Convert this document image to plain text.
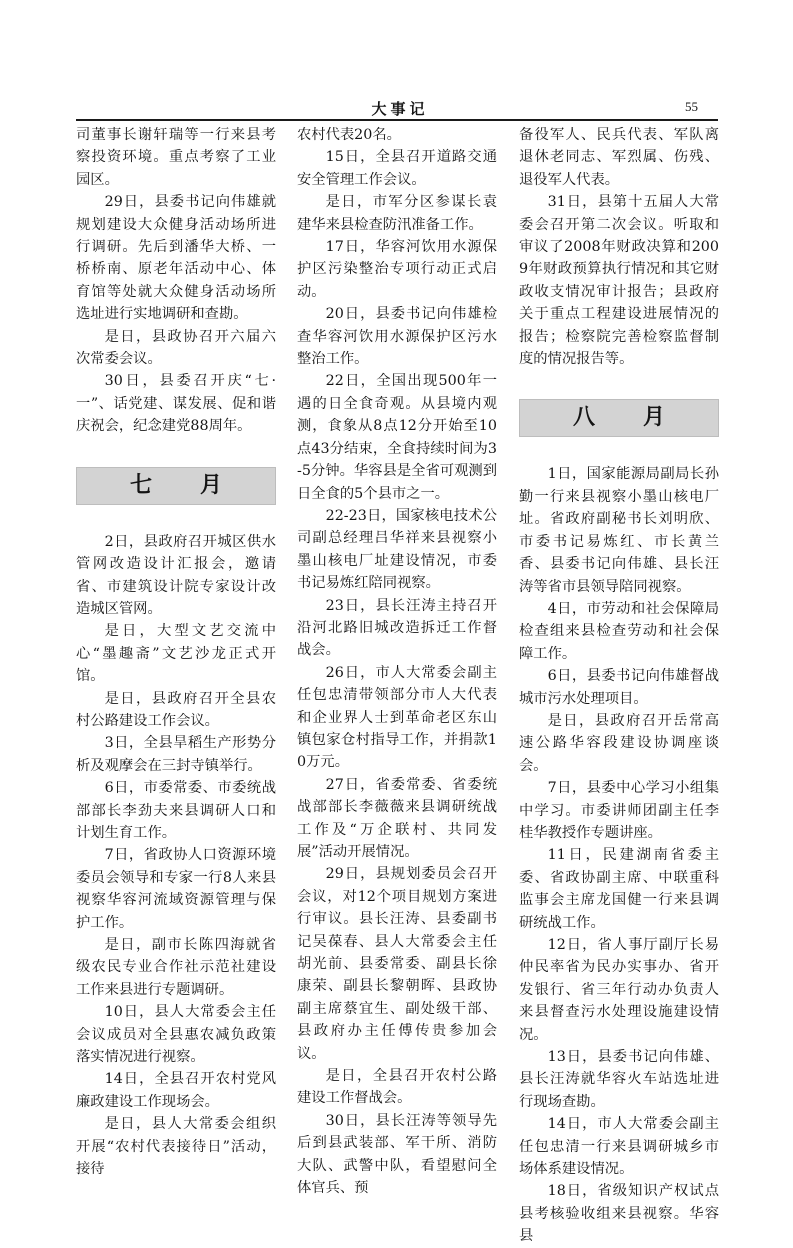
大事记	55

司董事长谢轩瑞等一行来县考察投资环境。重点考察了工业园区。

29日，县委书记向伟雄就规划建设大众健身活动场所进行调研。先后到潘华大桥、一桥桥南、原老年活动中心、体育馆等处就大众健身活动场所选址进行实地调研和查勘。

是日，县政协召开六届六次常委会议。

30日，县委召开庆“七·一”、话党建、谋发展、促和谐庆祝会，纪念建党88周年。

七月

2日，县政府召开城区供水管网改造设计汇报会，邀请省、市建筑设计院专家设计改造城区管网。

是日，大型文艺交流中心“墨趣斋”文艺沙龙正式开馆。

是日，县政府召开全县农村公路建设工作会议。

3日，全县旱稻生产形势分析及观摩会在三封寺镇举行。

6日，市委常委、市委统战部部长李劲夫来县调研人口和计划生育工作。

7日，省政协人口资源环境委员会领导和专家一行8人来县视察华容河流域资源管理与保护工作。

是日，副市长陈四海就省级农民专业合作社示范社建设工作来县进行专题调研。

10日，县人大常委会主任会议成员对全县惠农减负政策落实情况进行视察。

14日，全县召开农村党风廉政建设工作现场会。

是日，县人大常委会组织开展“农村代表接待日”活动，接待

农村代表20名。

15日，全县召开道路交通安全管理工作会议。

是日，市军分区参谋长袁建华来县检查防汛准备工作。

17日，华容河饮用水源保护区污染整治专项行动正式启动。

20日，县委书记向伟雄检查华容河饮用水源保护区污水整治工作。

22日，全国出现500年一遇的日全食奇观。从县境内观测，食象从8点12分开始至10点43分结束，全食持续时间为3-5分钟。华容县是全省可观测到日全食的5个县市之一。

22-23日，国家核电技术公司副总经理吕华祥来县视察小墨山核电厂址建设情况，市委书记易炼红陪同视察。

23日，县长汪涛主持召开沿河北路旧城改造拆迁工作督战会。

26日，市人大常委会副主任包忠清带领部分市人大代表和企业界人士到革命老区东山镇包家仓村指导工作，并捐款10万元。

27日，省委常委、省委统战部部长李薇薇来县调研统战工作及“万企联村、共同发展”活动开展情况。

29日，县规划委员会召开会议，对12个项目规划方案进行审议。县长汪涛、县委副书记吴葆春、县人大常委会主任胡光前、县委常委、副县长徐康荣、副县长黎朝晖、县政协副主席蔡宜生、副处级干部、县政府办主任傅传贵参加会议。

是日，全县召开农村公路建设工作督战会。

30日，县长汪涛等领导先后到县武装部、军干所、消防大队、武警中队，看望慰问全体官兵、预

备役军人、民兵代表、军队离退休老同志、军烈属、伤残、退役军人代表。

31日，县第十五届人大常委会召开第二次会议。听取和审议了2008年财政决算和2009年财政预算执行情况和其它财政收支情况审计报告；县政府关于重点工程建设进展情况的报告；检察院完善检察监督制度的情况报告等。

八月

1日，国家能源局副局长孙勤一行来县视察小墨山核电厂址。省政府副秘书长刘明欣、市委书记易炼红、市长黄兰香、县委书记向伟雄、县长汪涛等省市县领导陪同视察。

4日，市劳动和社会保障局检查组来县检查劳动和社会保障工作。

6日，县委书记向伟雄督战城市污水处理项目。

是日，县政府召开岳常高速公路华容段建设协调座谈会。

7日，县委中心学习小组集中学习。市委讲师团副主任李桂华教授作专题讲座。

11日，民建湖南省委主委、省政协副主席、中联重科监事会主席龙国健一行来县调研统战工作。

12日，省人事厅副厅长易仲民率省为民办实事办、省开发银行、省三年行动办负责人来县督查污水处理设施建设情况。

13日，县委书记向伟雄、县长汪涛就华容火车站选址进行现场查勘。

14日，市人大常委会副主任包忠清一行来县调研城乡市场体系建设情况。

18日，省级知识产权试点县考核验收组来县视察。华容县
